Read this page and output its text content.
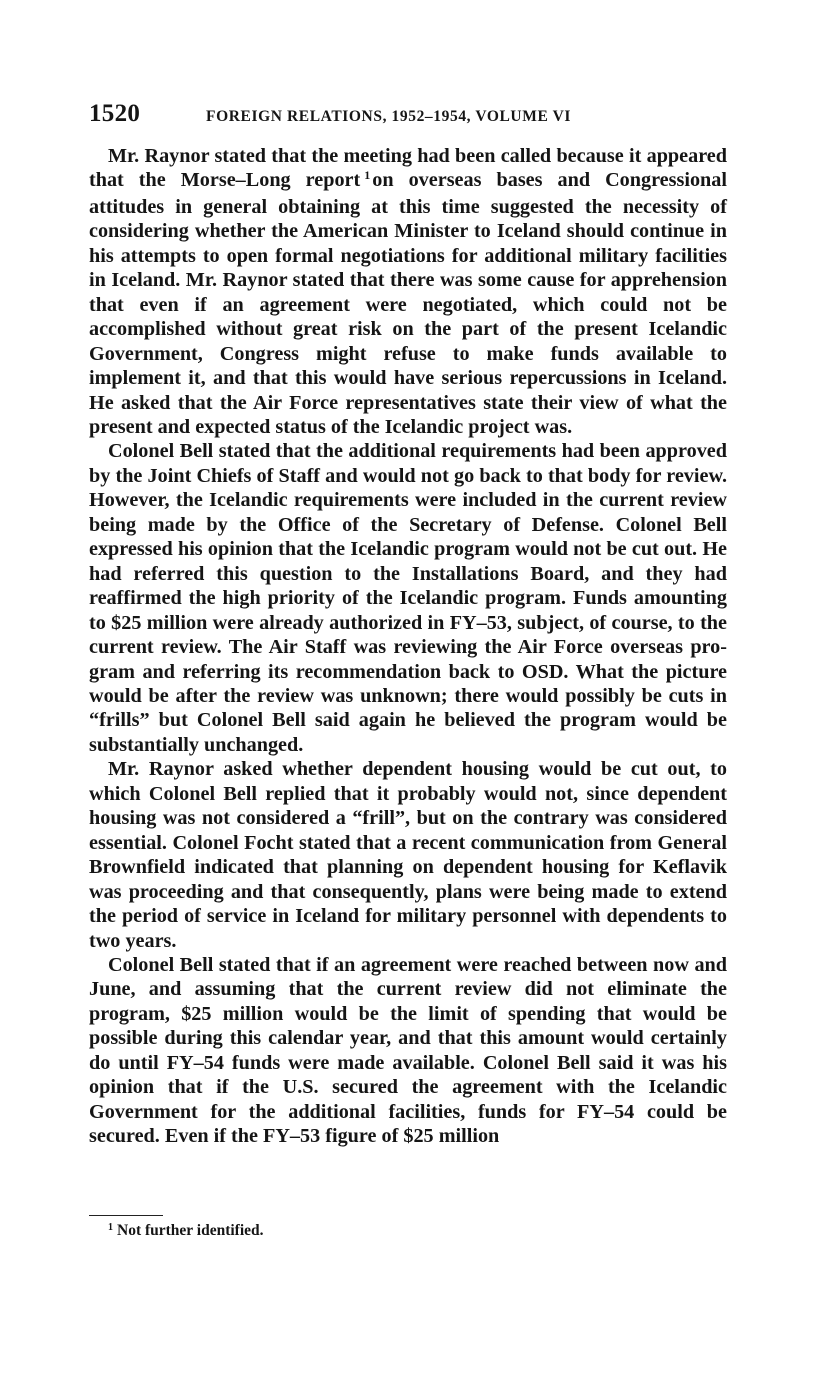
1520	FOREIGN RELATIONS, 1952–1954, VOLUME VI

Mr. Raynor stated that the meeting had been called because it appeared that the Morse–Long report $^1$on overseas bases and Congressional attitudes in general obtaining at this time suggested the necessity of considering whether the American Minister to Iceland should continue in his attempts to open formal negotiations for additional military facilities in Iceland. Mr. Raynor stated that there was some cause for apprehension that even if an agreement were negotiated, which could not be accomplished without great risk on the part of the present Icelandic Government, Congress might refuse to make funds available to implement it, and that this would have serious repercussions in Iceland. He asked that the Air Force representatives state their view of what the present and expected status of the Icelandic project was.

Colonel Bell stated that the additional requirements had been approved by the Joint Chiefs of Staff and would not go back to that body for review. However, the Icelandic requirements were included in the current review being made by the Office of the Secretary of Defense. Colonel Bell expressed his opinion that the Icelandic program would not be cut out. He had referred this question to the Installations Board, and they had reaffirmed the high priority of the Icelandic program. Funds amounting to $25 million were already authorized in FY–53, subject, of course, to the current review. The Air Staff was reviewing the Air Force overseas program and referring its recommendation back to OSD. What the picture would be after the review was unknown; there would possibly be cuts in “frills” but Colonel Bell said again he believed the program would be substantially unchanged.

Mr. Raynor asked whether dependent housing would be cut out, to which Colonel Bell replied that it probably would not, since dependent housing was not considered a “frill”, but on the contrary was considered essential. Colonel Focht stated that a recent communication from General Brownfield indicated that planning on dependent housing for Keflavik was proceeding and that consequently, plans were being made to extend the period of service in Iceland for military personnel with dependents to two years.

Colonel Bell stated that if an agreement were reached between now and June, and assuming that the current review did not eliminate the program, $25 million would be the limit of spending that would be possible during this calendar year, and that this amount would certainly do until FY–54 funds were made available. Colonel Bell said it was his opinion that if the U.S. secured the agreement with the Icelandic Government for the additional facilities, funds for FY–54 could be secured. Even if the FY–53 figure of $25 million

$^1$ Not further identified.
